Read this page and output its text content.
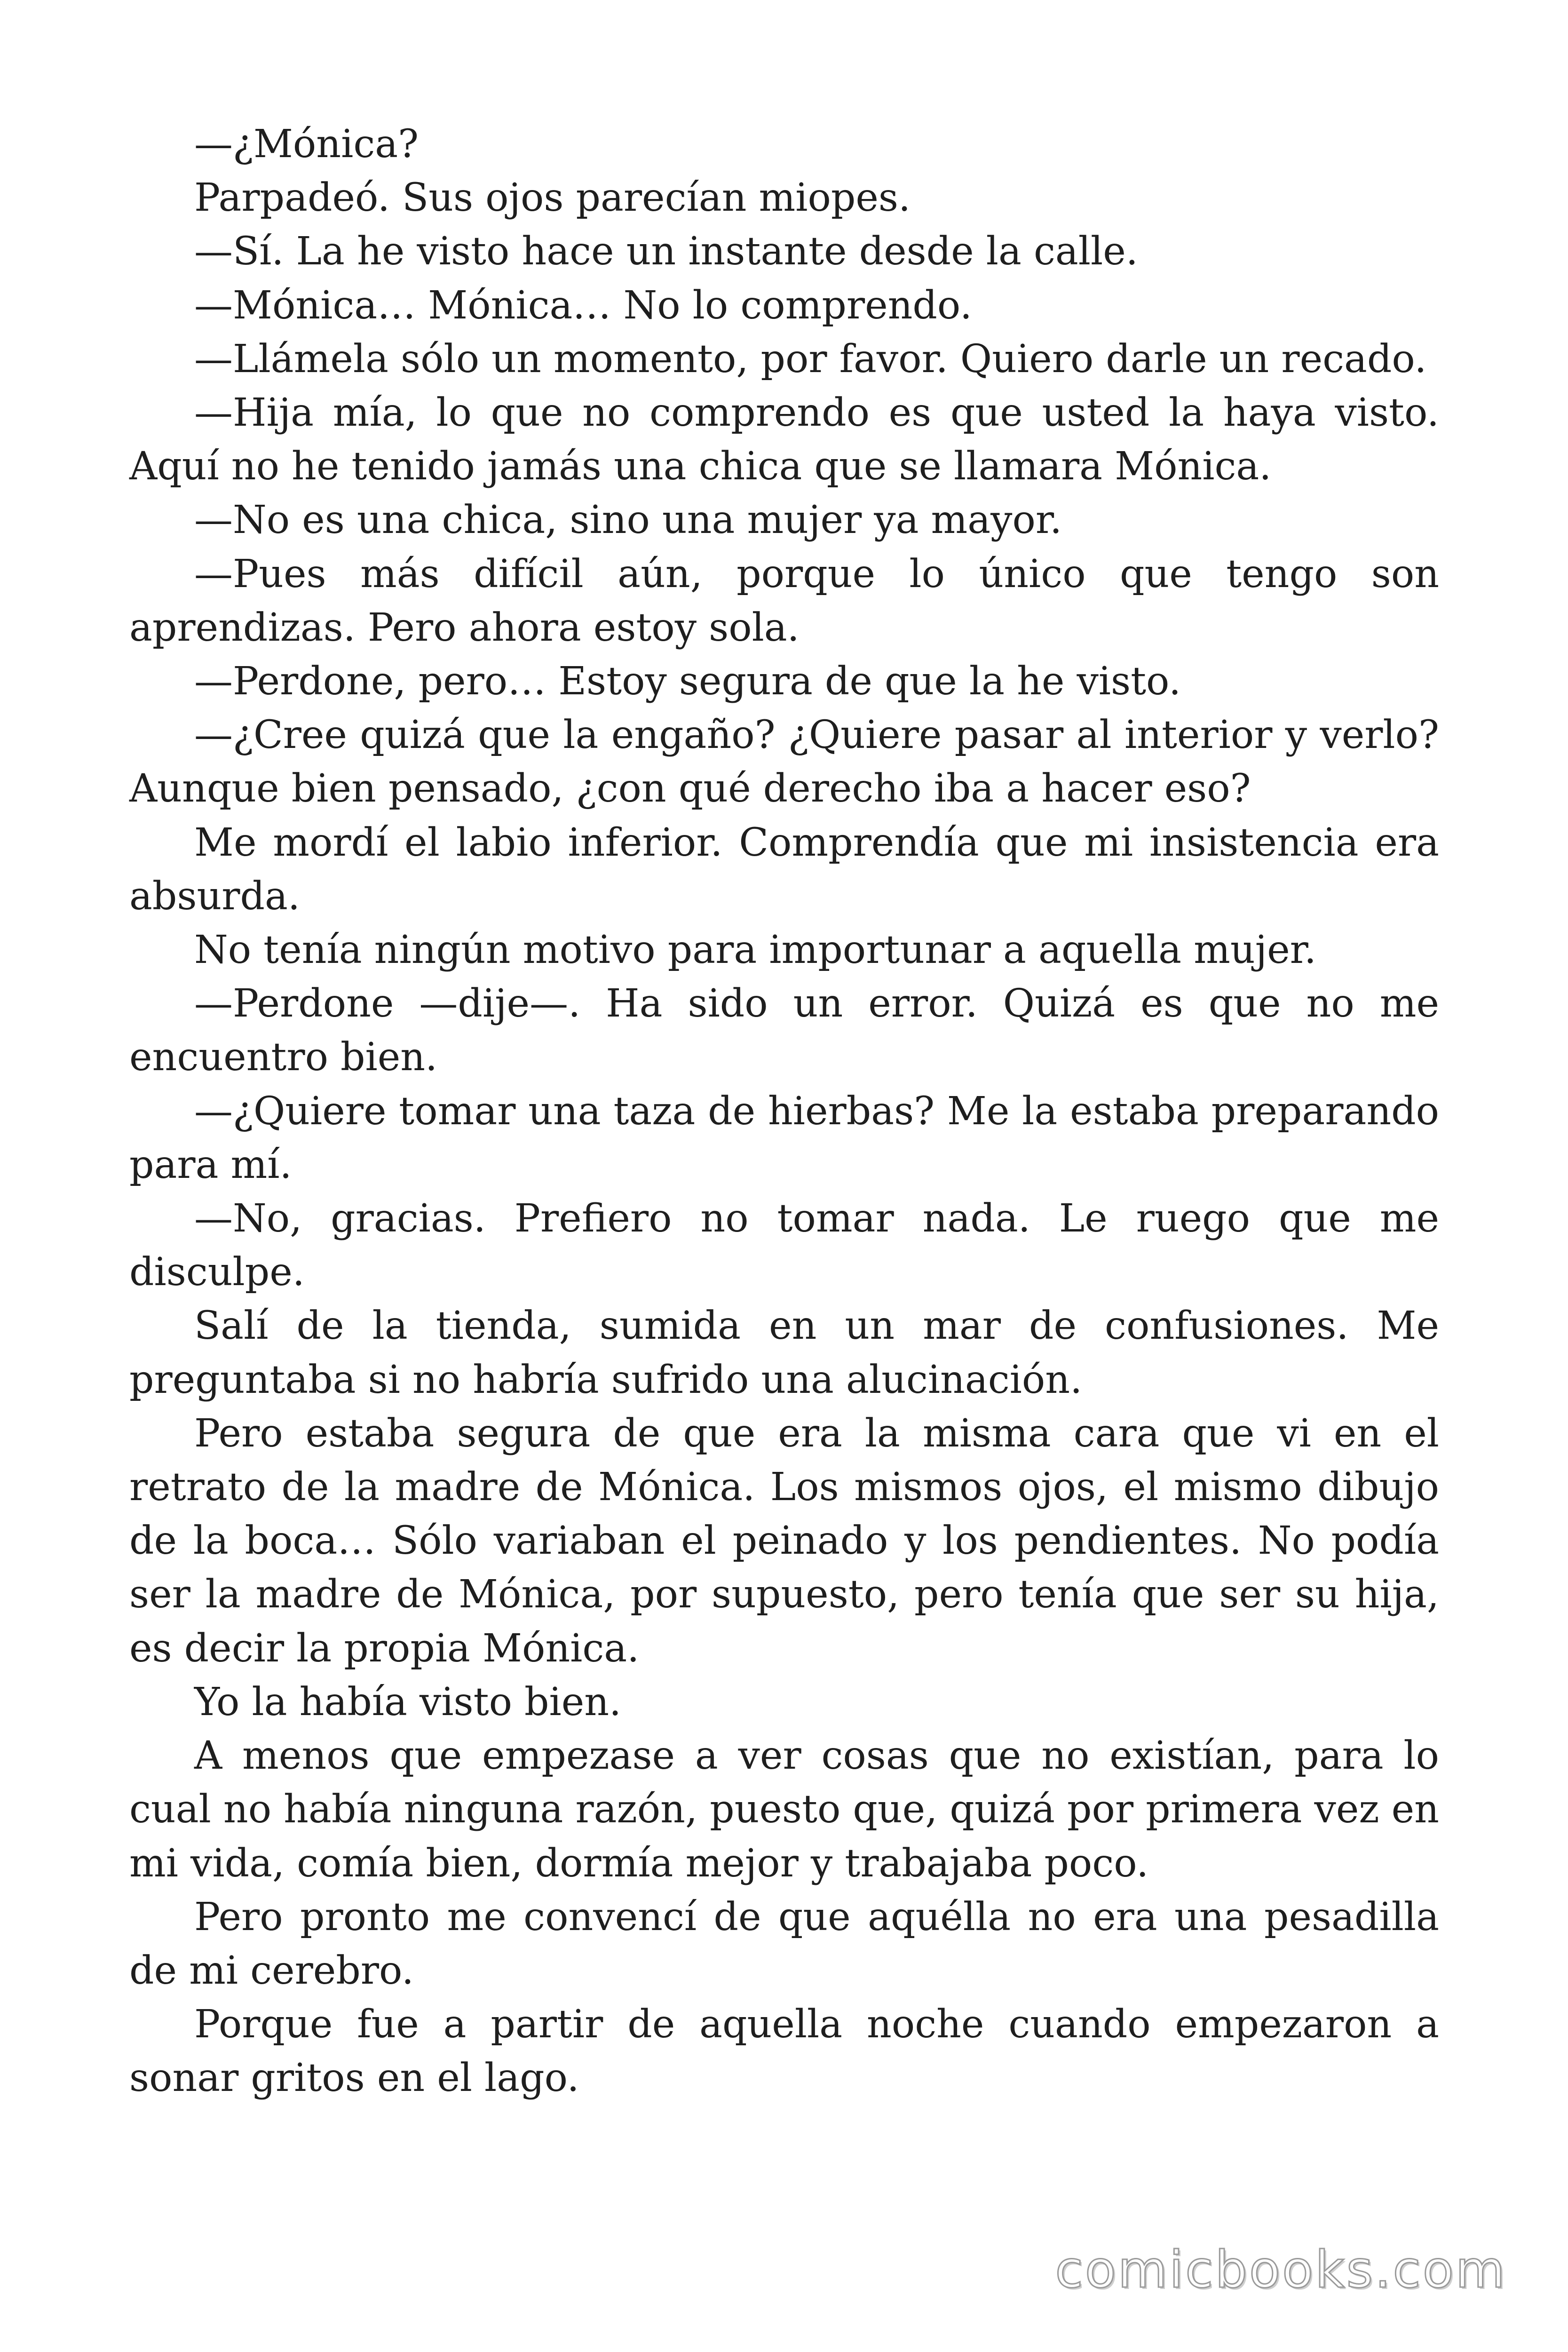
—¿Mónica?

Parpadeó. Sus ojos parecían miopes.

—Sí. La he visto hace un instante desde la calle.

—Mónica… Mónica… No lo comprendo.

—Llámela sólo un momento, por favor. Quiero darle un recado.

—Hija mía, lo que no comprendo es que usted la haya visto. Aquí no he tenido jamás una chica que se llamara Mónica.

—No es una chica, sino una mujer ya mayor.

—Pues más difícil aún, porque lo único que tengo son aprendizas. Pero ahora estoy sola.

—Perdone, pero… Estoy segura de que la he visto.

—¿Cree quizá que la engaño? ¿Quiere pasar al interior y verlo? Aunque bien pensado, ¿con qué derecho iba a hacer eso?

Me mordí el labio inferior. Comprendía que mi insistencia era absurda.

No tenía ningún motivo para importunar a aquella mujer.

—Perdone —dije—. Ha sido un error. Quizá es que no me encuentro bien.

—¿Quiere tomar una taza de hierbas? Me la estaba preparando para mí.

—No, gracias. Prefiero no tomar nada. Le ruego que me disculpe.

Salí de la tienda, sumida en un mar de confusiones. Me preguntaba si no habría sufrido una alucinación.

Pero estaba segura de que era la misma cara que vi en el retrato de la madre de Mónica. Los mismos ojos, el mismo dibujo de la boca… Sólo variaban el peinado y los pendientes. No podía ser la madre de Mónica, por supuesto, pero tenía que ser su hija, es decir la propia Mónica.

Yo la había visto bien.

A menos que empezase a ver cosas que no existían, para lo cual no había ninguna razón, puesto que, quizá por primera vez en mi vida, comía bien, dormía mejor y trabajaba poco.

Pero pronto me convencí de que aquélla no era una pesadilla de mi cerebro.

Porque fue a partir de aquella noche cuando empezaron a sonar gritos en el lago.

comicbooks.com
